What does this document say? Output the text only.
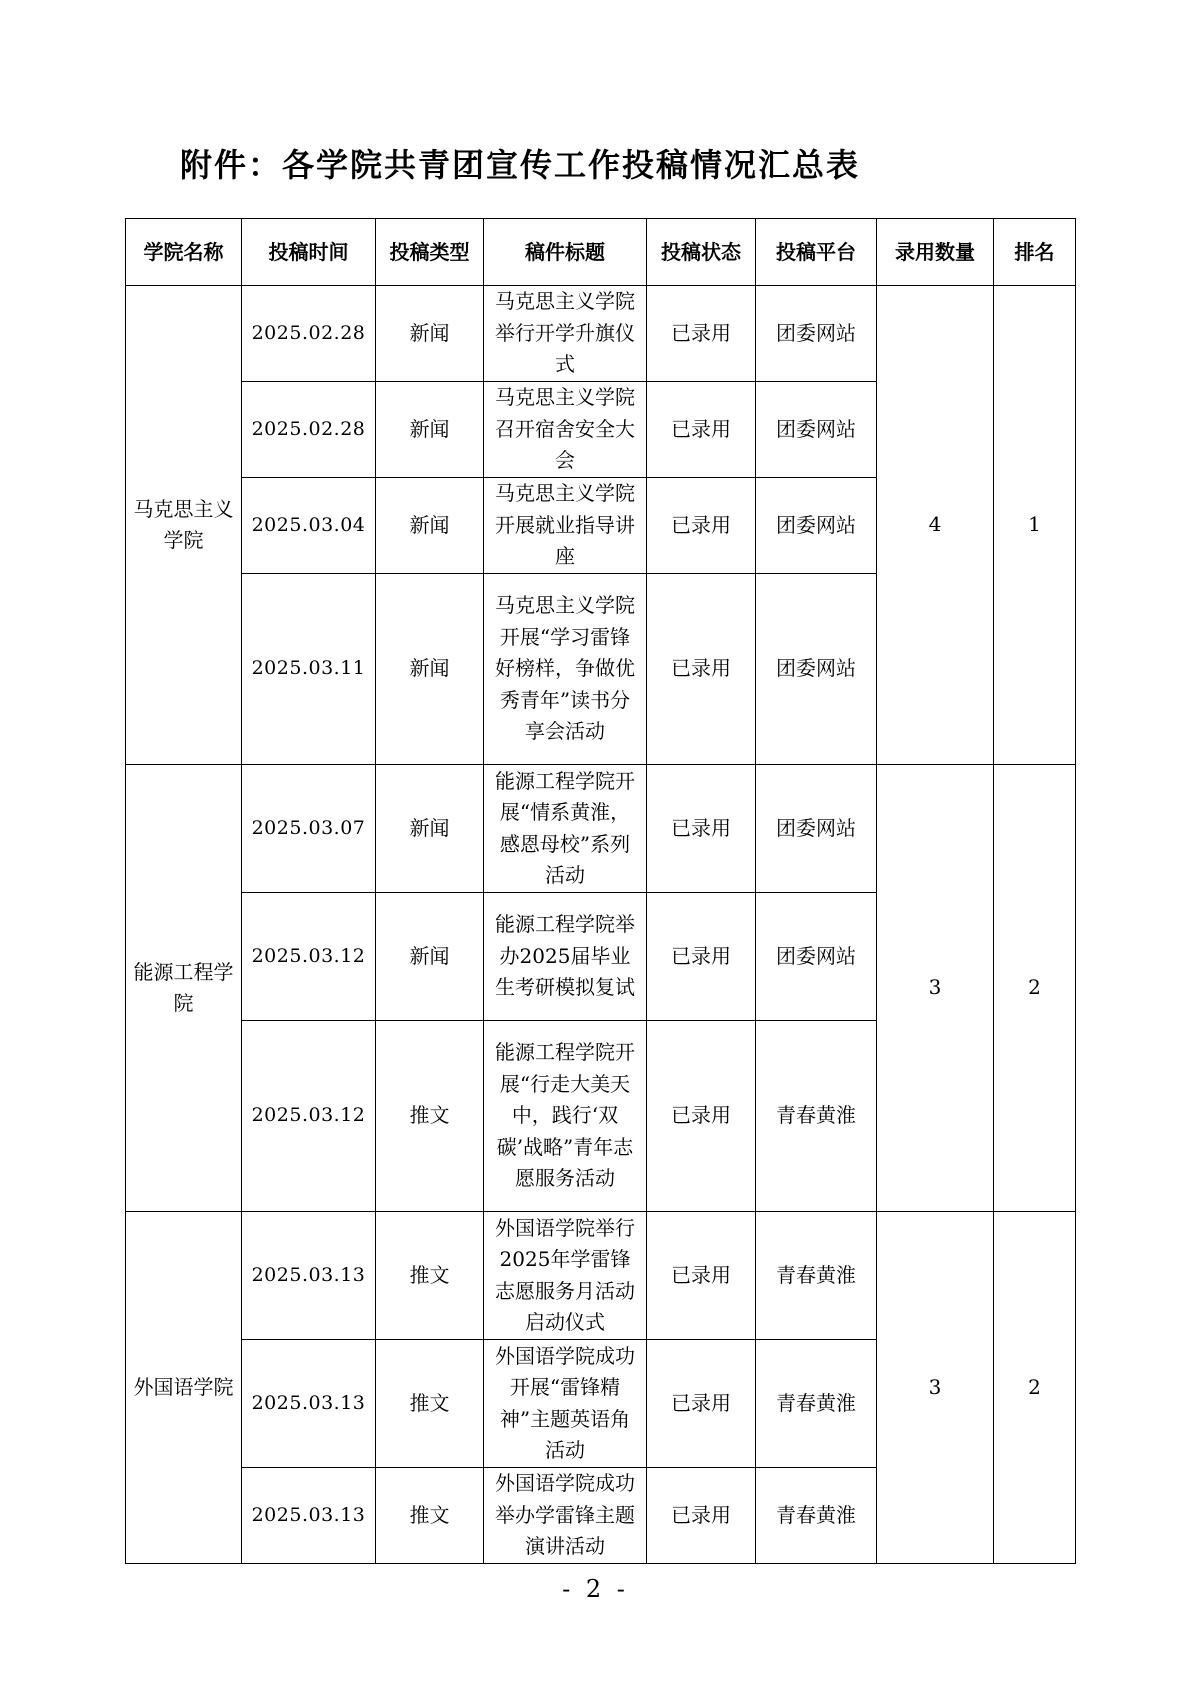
附件：各学院共青团宣传工作投稿情况汇总表
学院名称	投稿时间	投稿类型	稿件标题	投稿状态	投稿平台	录用数量	排名
马克思主义学院	2025.02.28	新闻	马克思主义学院举行开学升旗仪式	已录用	团委网站	4	1
	2025.02.28	新闻	马克思主义学院召开宿舍安全大会	已录用	团委网站		
	2025.03.04	新闻	马克思主义学院开展就业指导讲座	已录用	团委网站		
	2025.03.11	新闻	马克思主义学院开展“学习雷锋好榜样，争做优秀青年”读书分享会活动	已录用	团委网站		
能源工程学院	2025.03.07	新闻	能源工程学院开展“情系黄淮，感恩母校”系列活动	已录用	团委网站	3	2
	2025.03.12	新闻	能源工程学院举办2025届毕业生考研模拟复试	已录用	团委网站		
	2025.03.12	推文	能源工程学院开展“行走大美天中，践行‘双碳’战略”青年志愿服务活动	已录用	青春黄淮		
外国语学院	2025.03.13	推文	外国语学院举行2025年学雷锋志愿服务月活动启动仪式	已录用	青春黄淮	3	2
	2025.03.13	推文	外国语学院成功开展“雷锋精神”主题英语角活动	已录用	青春黄淮		
	2025.03.13	推文	外国语学院成功举办学雷锋主题演讲活动	已录用	青春黄淮		
- 2 -
